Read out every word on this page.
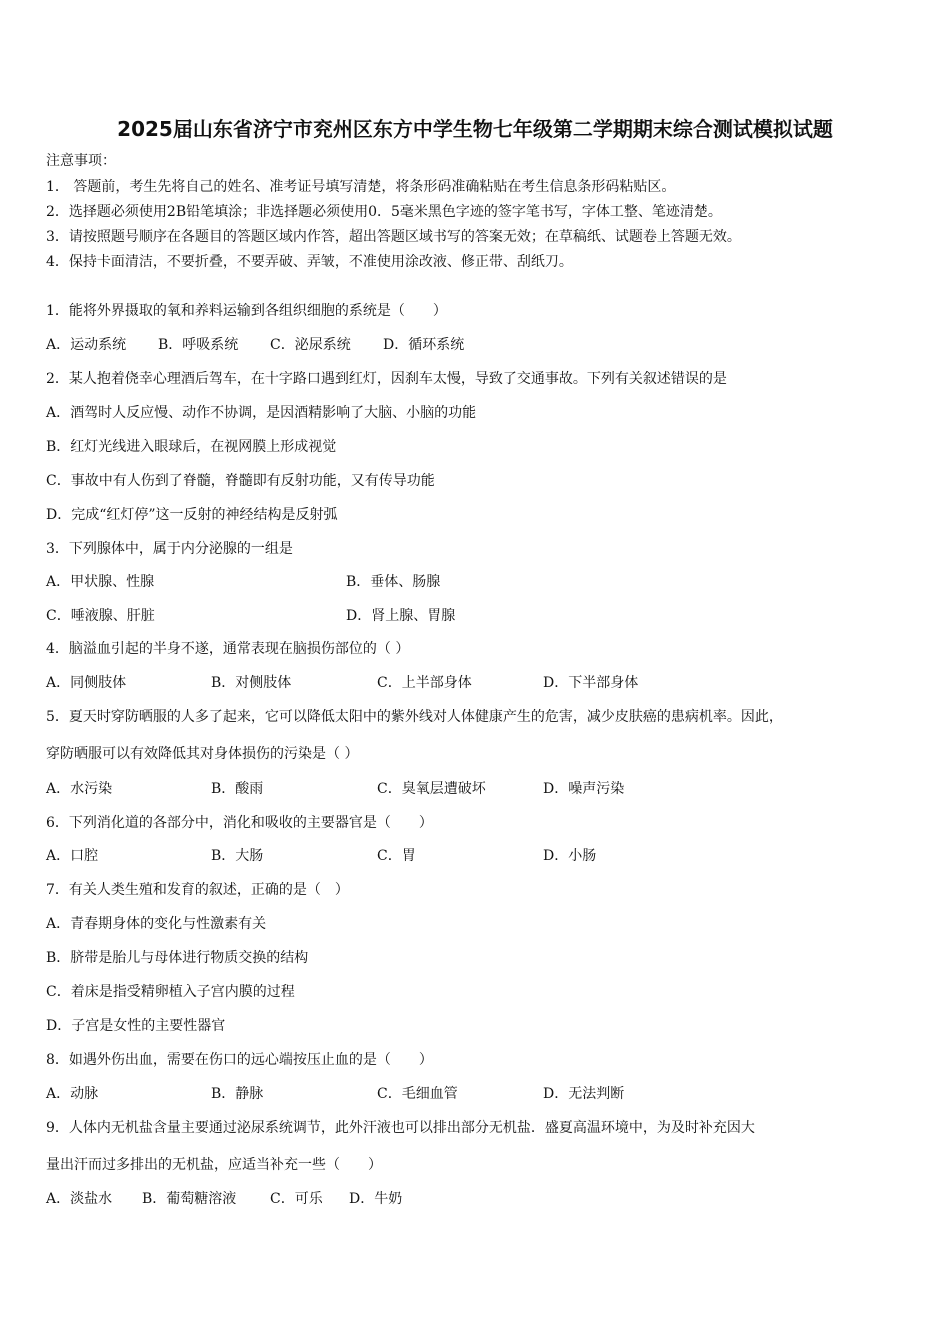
2025届山东省济宁市兖州区东方中学生物七年级第二学期期末综合测试模拟试题
注意事项：
1． 答题前，考生先将自己的姓名、准考证号填写清楚，将条形码准确粘贴在考生信息条形码粘贴区。
2．选择题必须使用2B铅笔填涂；非选择题必须使用0．5毫米黑色字迹的签字笔书写，字体工整、笔迹清楚。
3．请按照题号顺序在各题目的答题区域内作答，超出答题区域书写的答案无效；在草稿纸、试题卷上答题无效。
4．保持卡面清洁，不要折叠，不要弄破、弄皱，不准使用涂改液、修正带、刮纸刀。
1．能将外界摄取的氧和养料运输到各组织细胞的系统是（　　）
A．运动系统 B．呼吸系统 C．泌尿系统 D．循环系统
2．某人抱着侥幸心理酒后驾车，在十字路口遇到红灯，因刹车太慢，导致了交通事故。下列有关叙述错误的是
A．酒驾时人反应慢、动作不协调，是因酒精影响了大脑、小脑的功能
B．红灯光线进入眼球后，在视网膜上形成视觉
C．事故中有人伤到了脊髓，脊髓即有反射功能，又有传导功能
D．完成“红灯停”这一反射的神经结构是反射弧
3．下列腺体中，属于内分泌腺的一组是
A．甲状腺、性腺	B．垂体、肠腺
C．唾液腺、肝脏	D．肾上腺、胃腺
4．脑溢血引起的半身不遂，通常表现在脑损伤部位的（ ）
A．同侧肢体	B．对侧肢体	C．上半部身体	D．下半部身体
5．夏天时穿防晒服的人多了起来，它可以降低太阳中的紫外线对人体健康产生的危害，减少皮肤癌的患病机率。因此，
穿防晒服可以有效降低其对身体损伤的污染是（ ）
A．水污染	B．酸雨	C．臭氧层遭破坏	D．噪声污染
6．下列消化道的各部分中，消化和吸收的主要器官是（　　）
A．口腔	B．大肠	C．胃	D．小肠
7．有关人类生殖和发育的叙述，正确的是（　）
A．青春期身体的变化与性激素有关
B．脐带是胎儿与母体进行物质交换的结构
C．着床是指受精卵植入子宫内膜的过程
D．子宫是女性的主要性器官
8．如遇外伤出血，需要在伤口的远心端按压止血的是（　　）
A．动脉	B．静脉	C．毛细血管	D．无法判断
9．人体内无机盐含量主要通过泌尿系统调节，此外汗液也可以排出部分无机盐．盛夏高温环境中，为及时补充因大
量出汗而过多排出的无机盐，应适当补充一些（　　）
A．淡盐水 B．葡萄糖溶液 C．可乐 D．牛奶
